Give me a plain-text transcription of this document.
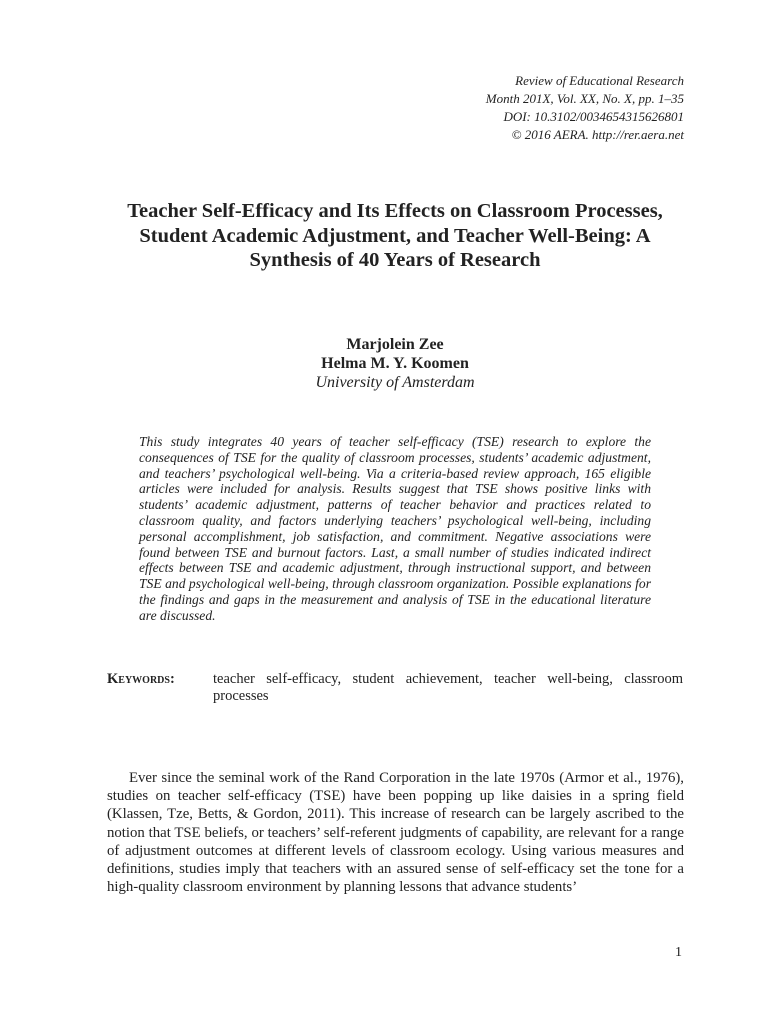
Review of Educational Research
Month 201X, Vol. XX, No. X, pp. 1–35
DOI: 10.3102/0034654315626801
© 2016 AERA. http://rer.aera.net
Teacher Self-Efficacy and Its Effects on Classroom Processes, Student Academic Adjustment, and Teacher Well-Being: A Synthesis of 40 Years of Research
Marjolein Zee
Helma M. Y. Koomen
University of Amsterdam

This study integrates 40 years of teacher self-efficacy (TSE) research to explore the consequences of TSE for the quality of classroom processes, students’ academic adjustment, and teachers’ psychological well-being. Via a criteria-based review approach, 165 eligible articles were included for analysis. Results suggest that TSE shows positive links with students’ academic adjustment, patterns of teacher behavior and practices related to classroom quality, and factors underlying teachers’ psychological well-being, including personal accomplishment, job satisfaction, and commitment. Negative associations were found between TSE and burnout factors. Last, a small number of studies indicated indirect effects between TSE and academic adjustment, through instructional support, and between TSE and psychological well-being, through classroom organization. Possible explanations for the findings and gaps in the measurement and analysis of TSE in the educational literature are discussed.

Keywords:	teacher self-efficacy, student achievement, teacher well-being, classroom processes

Ever since the seminal work of the Rand Corporation in the late 1970s (Armor et al., 1976), studies on teacher self-efficacy (TSE) have been popping up like daisies in a spring field (Klassen, Tze, Betts, & Gordon, 2011). This increase of research can be largely ascribed to the notion that TSE beliefs, or teachers’ self-referent judgments of capability, are relevant for a range of adjustment outcomes at different levels of classroom ecology. Using various measures and definitions, studies imply that teachers with an assured sense of self-efficacy set the tone for a high-quality classroom environment by planning lessons that advance students’

1
